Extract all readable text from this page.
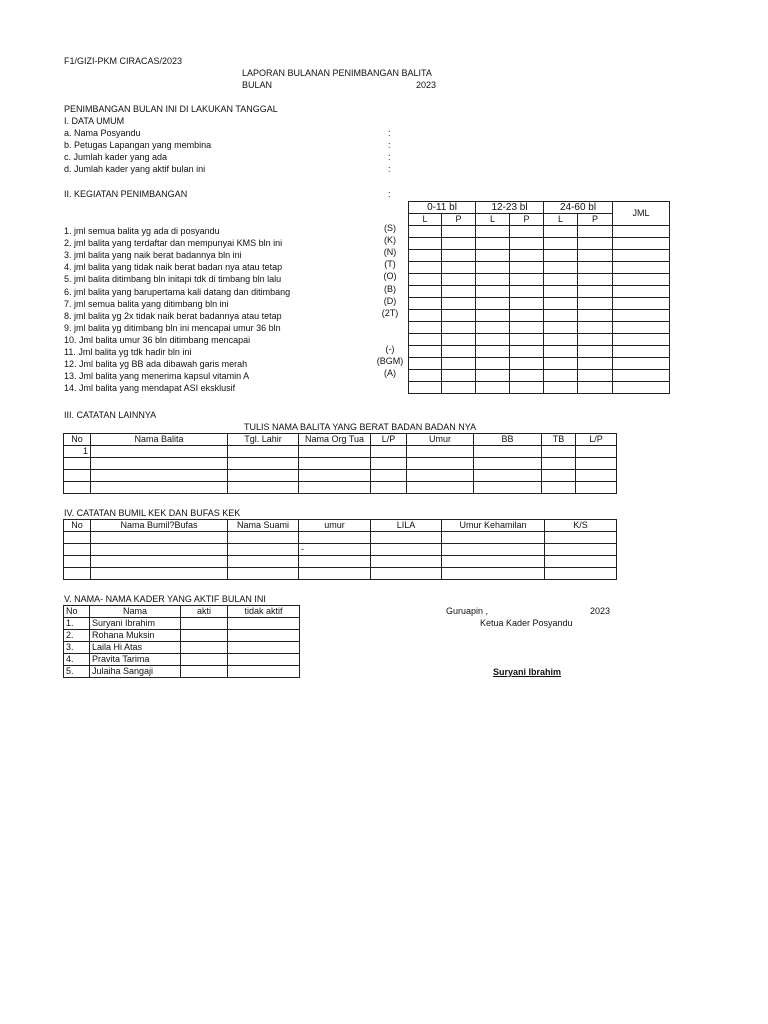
F1/GIZI-PKM CIRACAS/2023
LAPORAN BULANAN PENIMBANGAN BALITA
BULAN	2023
PENIMBANGAN BULAN INI DI LAKUKAN TANGGAL
I. DATA UMUM
a. Nama Posyandu	:
b. Petugas Lapangan yang membina	:
c. Jumlah kader yang ada	:
d. Jumlah kader yang aktif bulan ini	:
II. KEGIATAN PENIMBANGAN	:
1. jml semua balita yg ada di posyandu	(S)
2. jml balita yang terdaftar dan mempunyai KMS bln ini	(K)
3. jml balita yang naik berat badannya bln ini	(N)
4. jml balita yang tidak naik berat badan nya atau tetap	(T)
5. jml balita ditimbang bln initapi tdk di timbang bln lalu	(O)
6. jml balita yang barupertama kali datang dan ditimbang	(B)
7. jml semua balita yang ditimbang bln ini	(D)
8. jml balita yg 2x tidak naik berat badannya atau tetap	(2T)
9. jml balita yg ditimbang bln ini mencapai umur 36 bln
10. Jml balita umur 36 bln ditimbang mencapai
11. Jml balita yg tdk hadir bln ini	(-)
12. Jml balita yg BB ada dibawah garis merah	(BGM)
13. Jml balita yang menerima kapsul vitamin A	(A)
14. Jml balita yang mendapat ASI eksklusif
0-11 bl		12-23 bl		24-60 bl		JML
L	P	L	P	L	P	

III. CATATAN LAINNYA
TULIS NAMA BALITA YANG BERAT BADAN BADAN NYA
No	Nama Balita	Tgl. Lahir	Nama Org Tua	L/P	Umur	BB	TB	L/P
1								

IV. CATATAN BUMIL KEK DAN BUFAS KEK
No	Nama Bumil?Bufas	Nama Suami	umur	LILA	Umur Kehamilan	K/S

			-			

V. NAMA- NAMA KADER YANG AKTIF BULAN INI
No	Nama	akti	tidak aktif
1.	Suryani Ibrahim		
2.	Rohana Muksin		
3.	Laila Hi Atas		
4.	Pravita Tarima		
5.	Julaiha Sangaji		
Guruapin ,	2023
Ketua Kader Posyandu
Suryani Ibrahim
